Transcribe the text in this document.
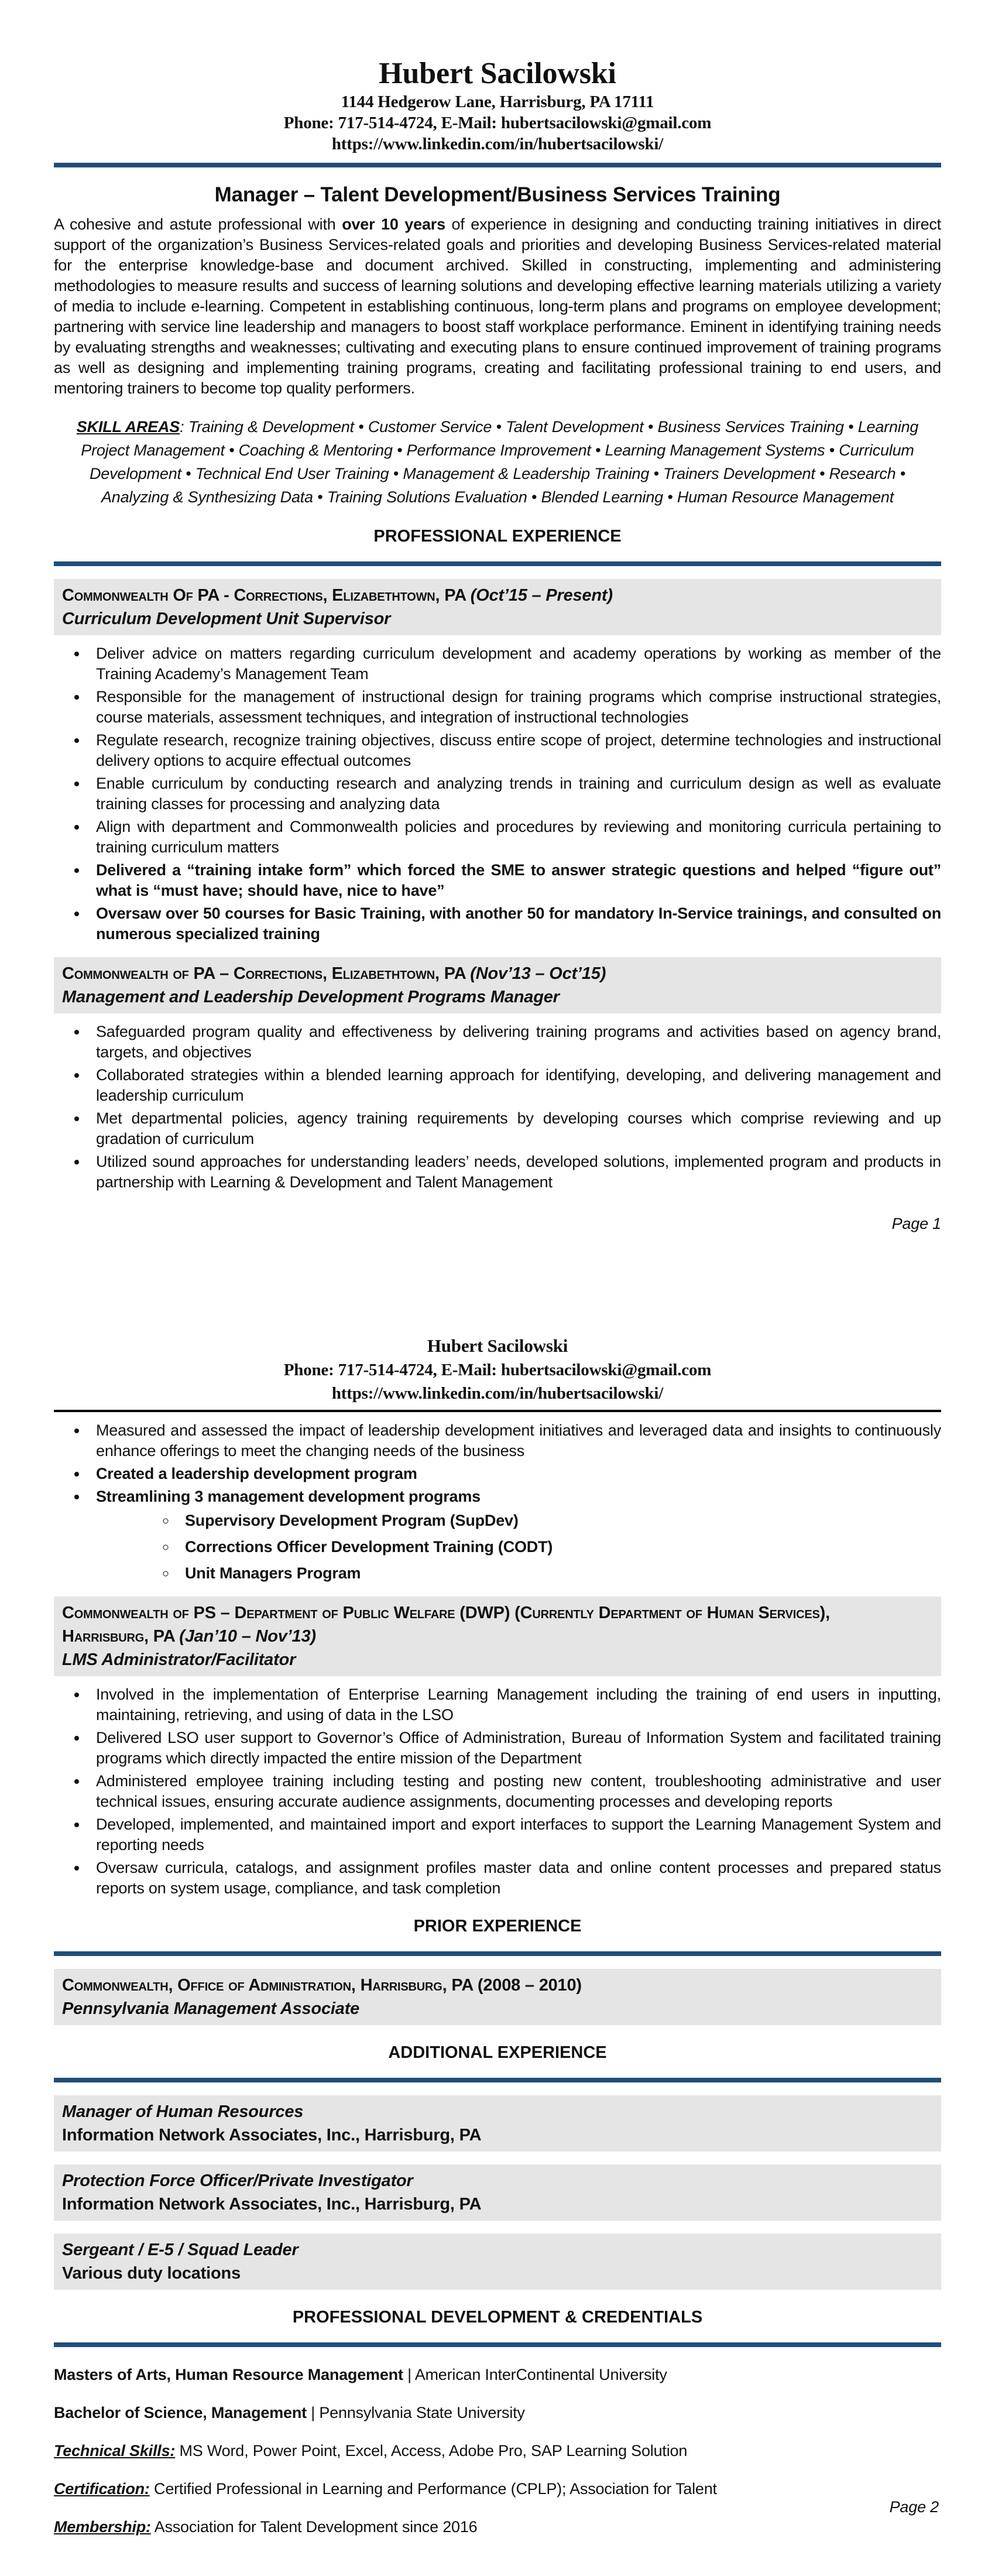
Hubert Sacilowski
1144 Hedgerow Lane, Harrisburg, PA 17111
Phone: 717-514-4724, E-Mail: hubertsacilowski@gmail.com
https://www.linkedin.com/in/hubertsacilowski/
Manager – Talent Development/Business Services Training

A cohesive and astute professional with over 10 years of experience in designing and conducting training initiatives in direct support of the organization’s Business Services-related goals and priorities and developing Business Services-related material for the enterprise knowledge-base and document archived. Skilled in constructing, implementing and administering methodologies to measure results and success of learning solutions and developing effective learning materials utilizing a variety of media to include e-learning. Competent in establishing continuous, long-term plans and programs on employee development; partnering with service line leadership and managers to boost staff workplace performance. Eminent in identifying training needs by evaluating strengths and weaknesses; cultivating and executing plans to ensure continued improvement of training programs as well as designing and implementing training programs, creating and facilitating professional training to end users, and mentoring trainers to become top quality performers.

SKILL AREAS: Training & Development • Customer Service • Talent Development • Business Services Training • Learning Project Management • Coaching & Mentoring • Performance Improvement • Learning Management Systems • Curriculum Development • Technical End User Training • Management & Leadership Training • Trainers Development • Research • Analyzing & Synthesizing Data • Training Solutions Evaluation • Blended Learning • Human Resource Management
PROFESSIONAL EXPERIENCE
Commonwealth Of PA - Corrections, Elizabethtown, PA (Oct’15 – Present)
Curriculum Development Unit Supervisor
• Deliver advice on matters regarding curriculum development and academy operations by working as member of the Training Academy’s Management Team
• Responsible for the management of instructional design for training programs which comprise instructional strategies, course materials, assessment techniques, and integration of instructional technologies
• Regulate research, recognize training objectives, discuss entire scope of project, determine technologies and instructional delivery options to acquire effectual outcomes
• Enable curriculum by conducting research and analyzing trends in training and curriculum design as well as evaluate training classes for processing and analyzing data
• Align with department and Commonwealth policies and procedures by reviewing and monitoring curricula pertaining to training curriculum matters
• Delivered a “training intake form” which forced the SME to answer strategic questions and helped “figure out” what is “must have; should have, nice to have”
• Oversaw over 50 courses for Basic Training, with another 50 for mandatory In-Service trainings, and consulted on numerous specialized training
Commonwealth of PA – Corrections, Elizabethtown, PA (Nov’13 – Oct’15)
Management and Leadership Development Programs Manager
• Safeguarded program quality and effectiveness by delivering training programs and activities based on agency brand, targets, and objectives
• Collaborated strategies within a blended learning approach for identifying, developing, and delivering management and leadership curriculum
• Met departmental policies, agency training requirements by developing courses which comprise reviewing and up gradation of curriculum
• Utilized sound approaches for understanding leaders’ needs, developed solutions, implemented program and products in partnership with Learning & Development and Talent Management
Page 1
Hubert Sacilowski
Phone: 717-514-4724, E-Mail: hubertsacilowski@gmail.com
https://www.linkedin.com/in/hubertsacilowski/
• Measured and assessed the impact of leadership development initiatives and leveraged data and insights to continuously enhance offerings to meet the changing needs of the business
• Created a leadership development program
• Streamlining 3 management development programs
◦ Supervisory Development Program (SupDev)
◦ Corrections Officer Development Training (CODT)
◦ Unit Managers Program
Commonwealth of PS – Department of Public Welfare (DWP) (Currently Department of Human Services),
Harrisburg, PA (Jan’10 – Nov’13)
LMS Administrator/Facilitator
• Involved in the implementation of Enterprise Learning Management including the training of end users in inputting, maintaining, retrieving, and using of data in the LSO
• Delivered LSO user support to Governor’s Office of Administration, Bureau of Information System and facilitated training programs which directly impacted the entire mission of the Department
• Administered employee training including testing and posting new content, troubleshooting administrative and user technical issues, ensuring accurate audience assignments, documenting processes and developing reports
• Developed, implemented, and maintained import and export interfaces to support the Learning Management System and reporting needs
• Oversaw curricula, catalogs, and assignment profiles master data and online content processes and prepared status reports on system usage, compliance, and task completion
PRIOR EXPERIENCE
Commonwealth, Office of Administration, Harrisburg, PA (2008 – 2010)
Pennsylvania Management Associate
ADDITIONAL EXPERIENCE
Manager of Human Resources
Information Network Associates, Inc., Harrisburg, PA
Protection Force Officer/Private Investigator
Information Network Associates, Inc., Harrisburg, PA
Sergeant / E-5 / Squad Leader
Various duty locations
PROFESSIONAL DEVELOPMENT & CREDENTIALS
Masters of Arts, Human Resource Management | American InterContinental University
Bachelor of Science, Management | Pennsylvania State University
Technical Skills: MS Word, Power Point, Excel, Access, Adobe Pro, SAP Learning Solution
Certification: Certified Professional in Learning and Performance (CPLP); Association for Talent
Membership: Association for Talent Development since 2016
Page 2
